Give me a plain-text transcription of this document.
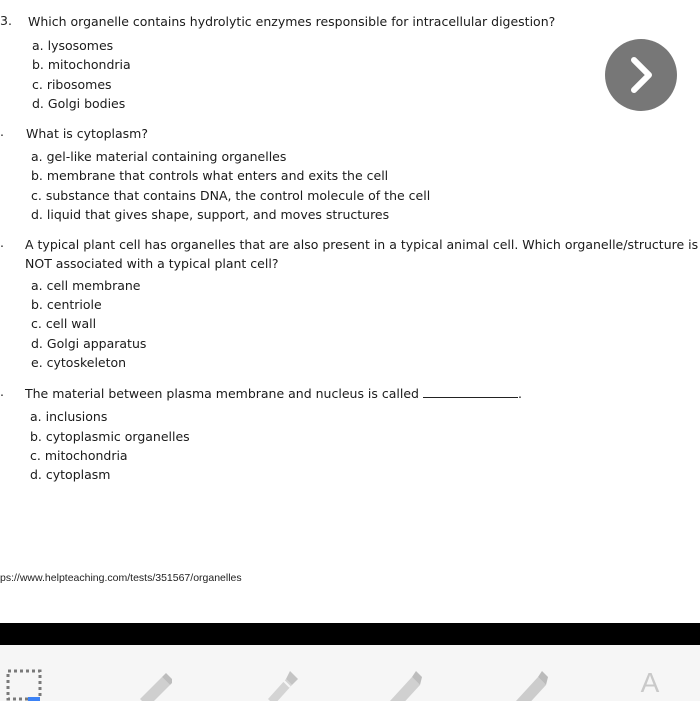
3. Which organelle contains hydrolytic enzymes responsible for intracellular digestion?
a. lysosomes
b. mitochondria
c. ribosomes
d. Golgi bodies
. What is cytoplasm?
a. gel-like material containing organelles
b. membrane that controls what enters and exits the cell
c. substance that contains DNA, the control molecule of the cell
d. liquid that gives shape, support, and moves structures
. A typical plant cell has organelles that are also present in a typical animal cell. Which organelle/structure is
NOT associated with a typical plant cell?
a. cell membrane
b. centriole
c. cell wall
d. Golgi apparatus
e. cytoskeleton
. The material between plasma membrane and nucleus is called	.
a. inclusions
b. cytoplasmic organelles
c. mitochondria
d. cytoplasm
ps://www.helpteaching.com/tests/351567/organelles
A
